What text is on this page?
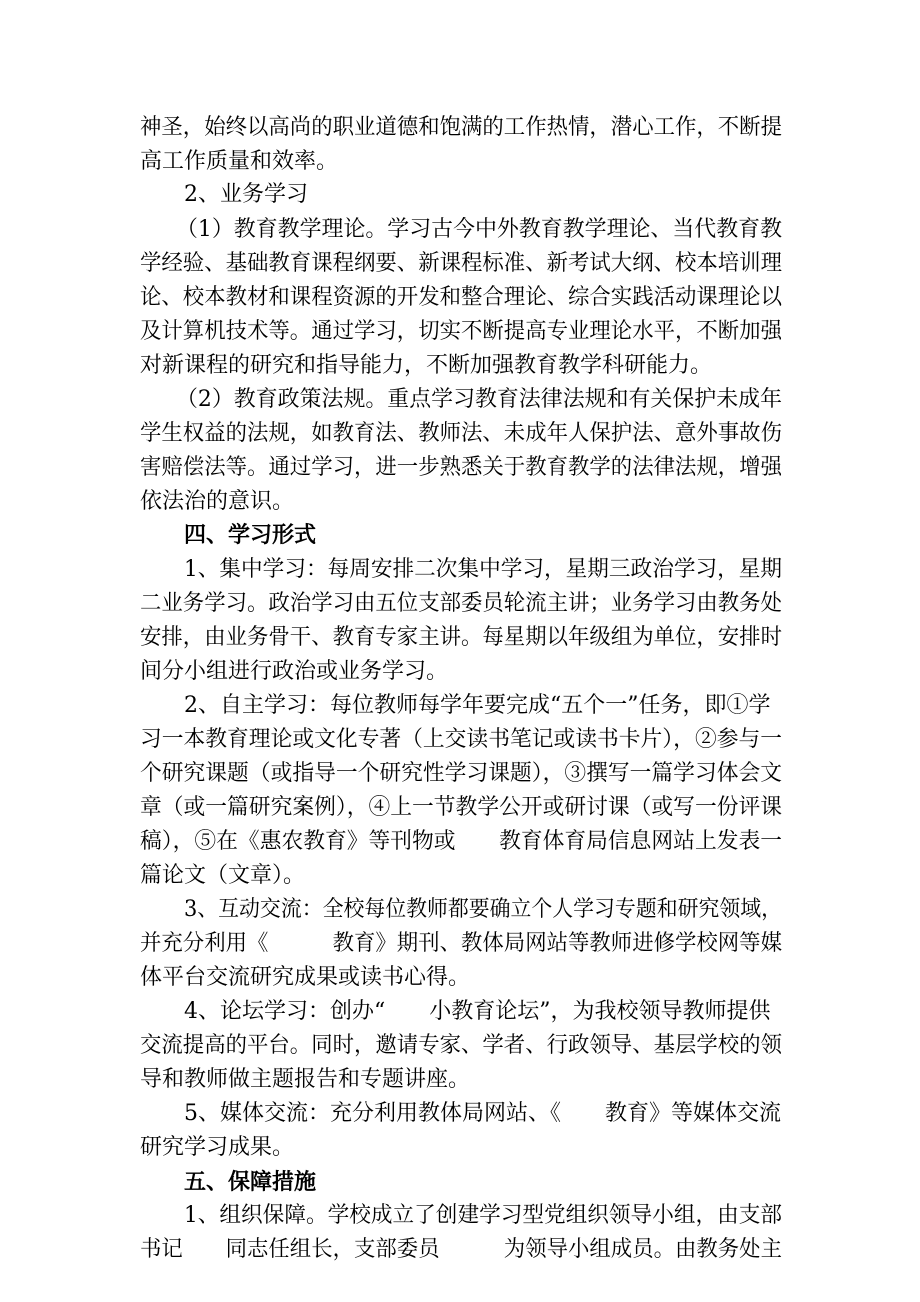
神圣，始终以高尚的职业道德和饱满的工作热情，潜心工作，不断提
高工作质量和效率。
2、业务学习
（1）教育教学理论。学习古今中外教育教学理论、当代教育教
学经验、基础教育课程纲要、新课程标准、新考试大纲、校本培训理
论、校本教材和课程资源的开发和整合理论、综合实践活动课理论以
及计算机技术等。通过学习，切实不断提高专业理论水平，不断加强
对新课程的研究和指导能力，不断加强教育教学科研能力。
（2）教育政策法规。重点学习教育法律法规和有关保护未成年
学生权益的法规，如教育法、教师法、未成年人保护法、意外事故伤
害赔偿法等。通过学习，进一步熟悉关于教育教学的法律法规，增强
依法治的意识。
四、学习形式
1、集中学习：每周安排二次集中学习，星期三政治学习，星期
二业务学习。政治学习由五位支部委员轮流主讲；业务学习由教务处
安排，由业务骨干、教育专家主讲。每星期以年级组为单位，安排时
间分小组进行政治或业务学习。
2、自主学习：每位教师每学年要完成“五个一”任务，即①学
习一本教育理论或文化专著（上交读书笔记或读书卡片），②参与一
个研究课题（或指导一个研究性学习课题），③撰写一篇学习体会文
章（或一篇研究案例），④上一节教学公开或研讨课（或写一份评课
稿），⑤在《惠农教育》等刊物或　　教育体育局信息网站上发表一
篇论文（文章）。
3、互动交流：全校每位教师都要确立个人学习专题和研究领域，
并充分利用《　　　教育》期刊、教体局网站等教师进修学校网等媒
体平台交流研究成果或读书心得。
4、论坛学习：创办“　　小教育论坛”，为我校领导教师提供
交流提高的平台。同时，邀请专家、学者、行政领导、基层学校的领
导和教师做主题报告和专题讲座。
5、媒体交流：充分利用教体局网站、《　　教育》等媒体交流
研究学习成果。
五、保障措施
1、组织保障。学校成立了创建学习型党组织领导小组，由支部
书记　　同志任组长，支部委员　　　为领导小组成员。由教务处主
